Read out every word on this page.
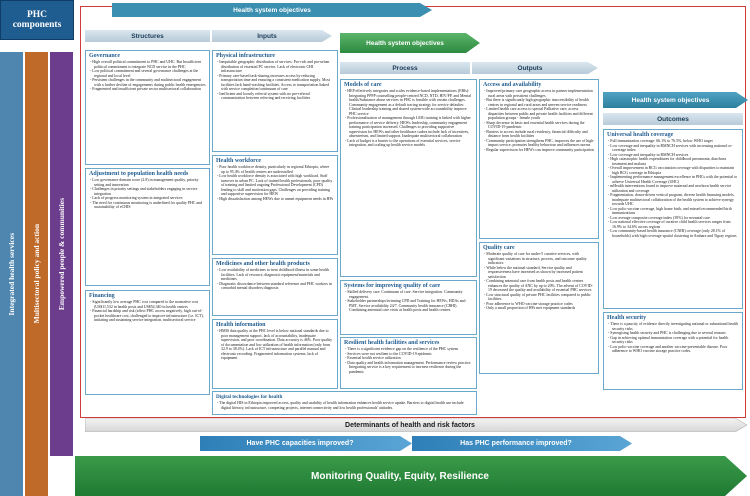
PHC components
Integrated health services Multisectoral policy and action Empowered people & communities
Health system objectives
Structures	Inputs
Health system objectives
Process	Outputs
Health system objectives
Outcomes
Governance
- High overall political commitment to PHC and UHC. But Insufficient political commitment to integrate NCD service in the PHC
- Low political commitment and several governance challenges at the regional and local level
- Persistent challenges in the community and multisectoral engagement with a further decline of engagements during public health emergencies
- Fragmented and insufficient private sector multisectoral collaboration
Adjustment to population health needs
- Low governance domain score (2.8) in management quality, priority setting and innovation
- Challenges in priority settings and stakeholders engaging in service integration
- Lack of progress monitoring system in integrated services
- The need for continuous monitoring is underlined for quality PHC and sustainability of eCHIS
Financing
- Significantly low average PHC cost compared to the normative cost (US$11,532 in health posts and US$54,340 in health centres
- Financial hardship and risk (affect PHC access negatively, high out-of-pocket healthcare cost, challenged to improve infrastructure (i.e. ICT), initiating and sustaining service integration, multisectoral service
Physical infrastructure
- Inequitable geographic distribution of services. Pro-rich and pro-urban distribution of essential PC service. Lack of electronic CHI infrastructure
- Primary care-based task-sharing increases access by reducing transportation time and ensuring a consistent medication supply. Most facilities lack hand-washing facilities. Access to transportation linked with service completion/continuum of care
- Inefficient and loosely referral system with no pre-referral communication between referring and receiving facilities
Health workforce
- Poor health workforce density, particularly in regional Ethiopia, where up to 95.4% of health centres are understaffed
- Low health workforce density is associated with high workload. Staff turnover in urban PC. Lack of trained health professionals, poor quality of training and limited ongoing Professional Development (CPD) leading to skill and motivation gaps. Challenges on providing training and supportive supervision for HEW
- High dissatisfaction among HEWs due to unmet equipment needs in HPs
Medicines and other health products
- Low availability of medicines to treat childhood illness in some health facilities. Lack of resource, diagnostic equipment/materials and medicines
- Diagnostic discordance between standard reference and PHC workers in comorbid mental disorders diagnosis
Health information
- HMIS data quality at the PHC level is below national standards due to poor management support, lack of accountability, inadequate supervision, and poor coordination. Data accuracy is 46%. Poor quality of documentation and low utilization of health information (only from 32.9 to 38.4%). Lack of ICT infrastructure and parallel manual and electronic recording. Fragmented information systems, lack of equipment
Digital technologies for health
- The digital HIS in Ethiopia improved access, quality and usability of health information enhances health service uptake. Barriers to digital health use include digital literacy, infrastructure, competing projects, internet connectivity and low health professionals' attitudes.
Models of care
- HEP effectively integrates and scales evidence-based implementations (EBIs): Integrating PPFP counselling people-centred NCD, NTD, HIV/FP, and Mental health/Substance abuse services in PHC is feasible with certain challenges. Community engagement as a default tracing strategy for service defaulter. Clinical leadership training and shared system-wide accountability improve PHC service
- Professionalisation of management through LMG training is linked with higher performance of service delivery. HEWs leadership, community engagement training participation increased. Challenges to providing supportive supervision for HEWs and other healthcare cadres include lack of incentives, absenteeism, and limited support. Inadequate multisectoral collaboration
- Lack of budget is a barrier to the operations of essential services, service integration, and scaling up health service models
Systems for improving quality of care
- Skilled delivery care. Continuum of care. Service integration. Community engagement.
- Stakeholder partnerships/twinning CPD and Training for HEWs, HDAs and PMT. Service availability 24/7. Community health insurance (CBHI). Combining antenatal care visits at health posts and health centres
Resilient health facilities and services
- There is a significant evidence gap on the resilience of the PHC system
- Services were not resilient to the COVID-19 epidemic
- Essential health service utilization
- Data quality and health information management. Performance review practice. Integrating service is a key requirement to increase resilience during the pandemic
Access and availability
- Improved primary care geographic access in partner implementation rural areas with persistent challenges
- But there is significantly high geographic inaccessibility of health centres in regional and rural areas and uneven service readiness
- Limited health care access to special Palliative care; access disparities between public and private health facilities and different population groups - female youth
- Sharp decrease in basic and essential health services during the COVID-19 pandemic
- Barriers to access include rural residency, financial difficulty and distance from health facilities
- Community participation strengthens PHC, improves the use of high-impact service, promotes healthy behaviour and influences norms
- Regular supervision for HEWs can improve community participation
Quality care
- Moderate quality of care for under-5 curative services, with significant variations in structure, process, and outcome quality indicators
- While below the national standard, Service quality and responsiveness have increased as shown by increased patient satisfaction
- Combining antenatal care from health posts and health centres enhances the quality of ANC by up to 20%. The advent of COVID-19 decreased the quality and availability of essential PHC services
- Low structural quality of private PHC facilities compared to public facilities
- Poor adherence to WHO vaccine storage practice codes
- Only a small proportion of HPs met equipment standards
Universal health coverage
- Full immunization coverage: 66.1% to 76.5%, below WHO target
- Low coverage and inequality in RMNCH services with increasing national co-coverage index
- Low coverage and inequality in RMNCH services
- High catastrophic health expenditures for childhood pneumonia, diarrhoea treatment and malaria
- Overall improvement in BCG vaccination coverage with disparities to maintain high BCG coverage in Ethiopia
- Implementing performance management excellence in PHCs with the potential to achieve Universal Health Coverage (UHC)
- mHealth interventions found to improve maternal and newborn health service utilization and coverage
- Fragmentation, donor-driven vertical program, diverse health financing models, inadequate multisectoral collaboration of the health system to achieve synergy towards UHC
- Low polio vaccine coverage, high home birth, and missed recommended birth immunizations
- Low average composite coverage index (39%) for neonatal care
- Low national effective coverage of curative child health services ranges from 16.9% to 34.6% across regions
- Low community-based health insurance (CNHI) coverage (only 28.1% of households) with high coverage spatial clustering in Amhara and Tigray regions
Health security
- There is a paucity of evidence directly investigating national or subnational health security risks
- Synergising health security and PHC is challenging due to several reasons
- Gap in achieving optimal immunisation coverage with a potential for health security risks
- Low polio vaccine coverage and another vaccine-preventable disease. Poor adherence to WHO vaccine storage practice codes.
Determinants of health and risk factors
Have PHC capacities improved?	Has PHC performance improved?
Monitoring Quality, Equity, Resilience
